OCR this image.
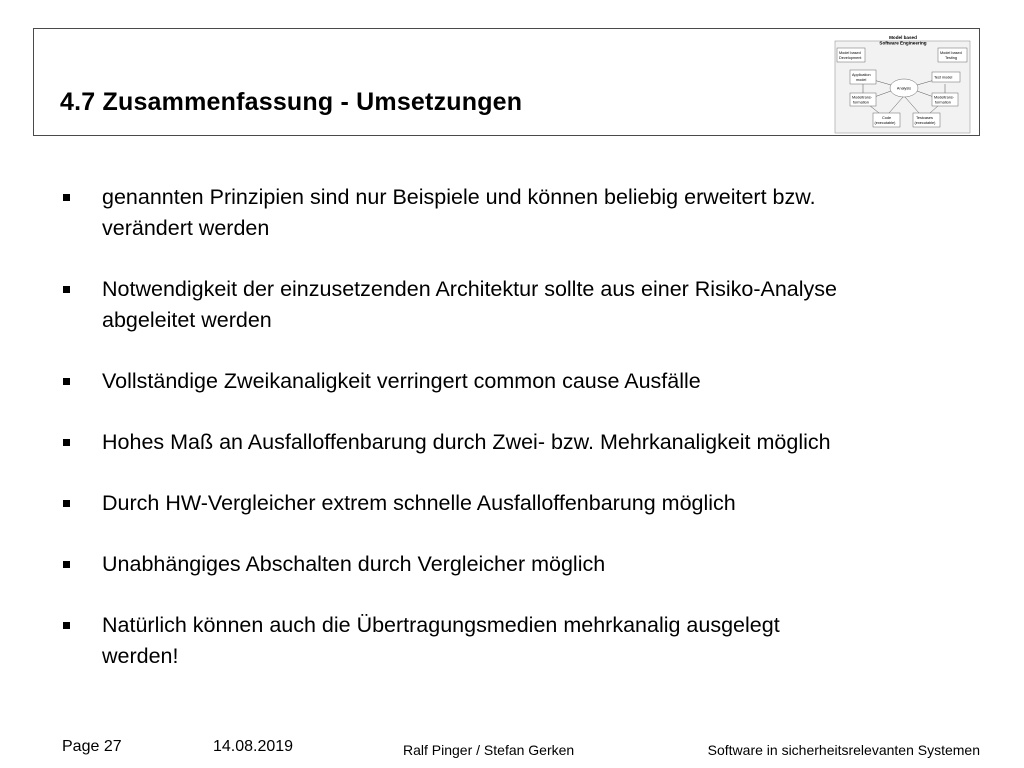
4.7 Zusammenfassung - Umsetzungen
Model based
Software Engineering
Model based
Development
Model based
Testing
Application
model
Test model
Analysis
Modeltrans-
formation
Modeltrans-
formation
Code
(executable)
Testcases
(executable)
genannten Prinzipien sind nur Beispiele und können beliebig erweitert bzw.
verändert werden
Notwendigkeit der einzusetzenden Architektur sollte aus einer Risiko-Analyse
abgeleitet werden
Vollständige Zweikanaligkeit verringert common cause Ausfälle
Hohes Maß an Ausfalloffenbarung durch Zwei- bzw. Mehrkanaligkeit möglich
Durch HW-Vergleicher extrem schnelle Ausfalloffenbarung möglich
Unabhängiges Abschalten durch Vergleicher möglich
Natürlich können auch die Übertragungsmedien mehrkanalig ausgelegt
werden!
Page 27	14.08.2019	Ralf Pinger / Stefan Gerken	Software in sicherheitsrelevanten Systemen
